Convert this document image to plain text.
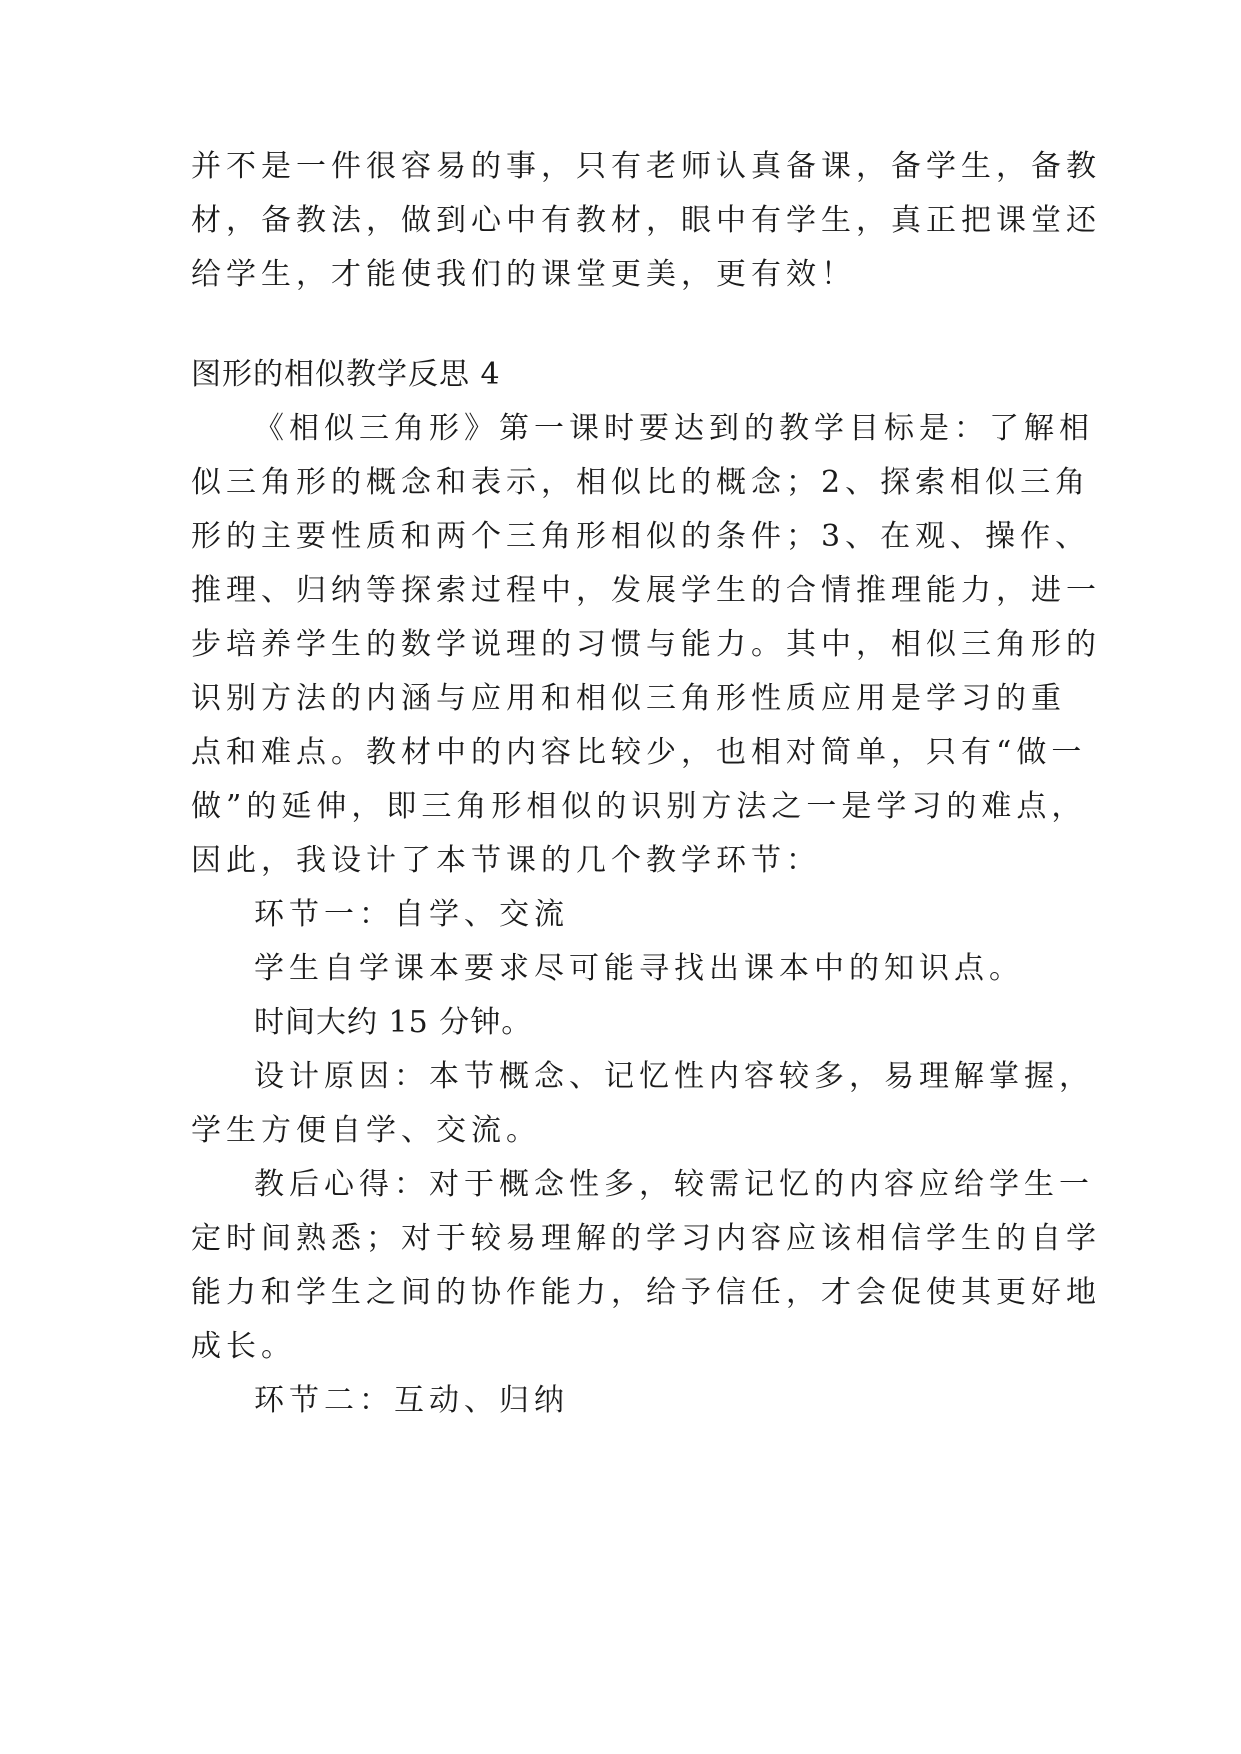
并不是一件很容易的事，只有老师认真备课，备学生，备教
材，备教法，做到心中有教材，眼中有学生，真正把课堂还
给学生，才能使我们的课堂更美，更有效！
图形的相似教学反思 4
《相似三角形》第一课时要达到的教学目标是：了解相
似三角形的概念和表示，相似比的概念；2、探索相似三角
形的主要性质和两个三角形相似的条件；3、在观、操作、
推理、归纳等探索过程中，发展学生的合情推理能力，进一
步培养学生的数学说理的习惯与能力。其中，相似三角形的
识别方法的内涵与应用和相似三角形性质应用是学习的重
点和难点。教材中的内容比较少，也相对简单，只有“做一
做”的延伸，即三角形相似的识别方法之一是学习的难点，
因此，我设计了本节课的几个教学环节：
环节一：自学、交流
学生自学课本要求尽可能寻找出课本中的知识点。
时间大约 15 分钟。
设计原因：本节概念、记忆性内容较多，易理解掌握，
学生方便自学、交流。
教后心得：对于概念性多，较需记忆的内容应给学生一
定时间熟悉；对于较易理解的学习内容应该相信学生的自学
能力和学生之间的协作能力，给予信任，才会促使其更好地
成长。
环节二：互动、归纳
